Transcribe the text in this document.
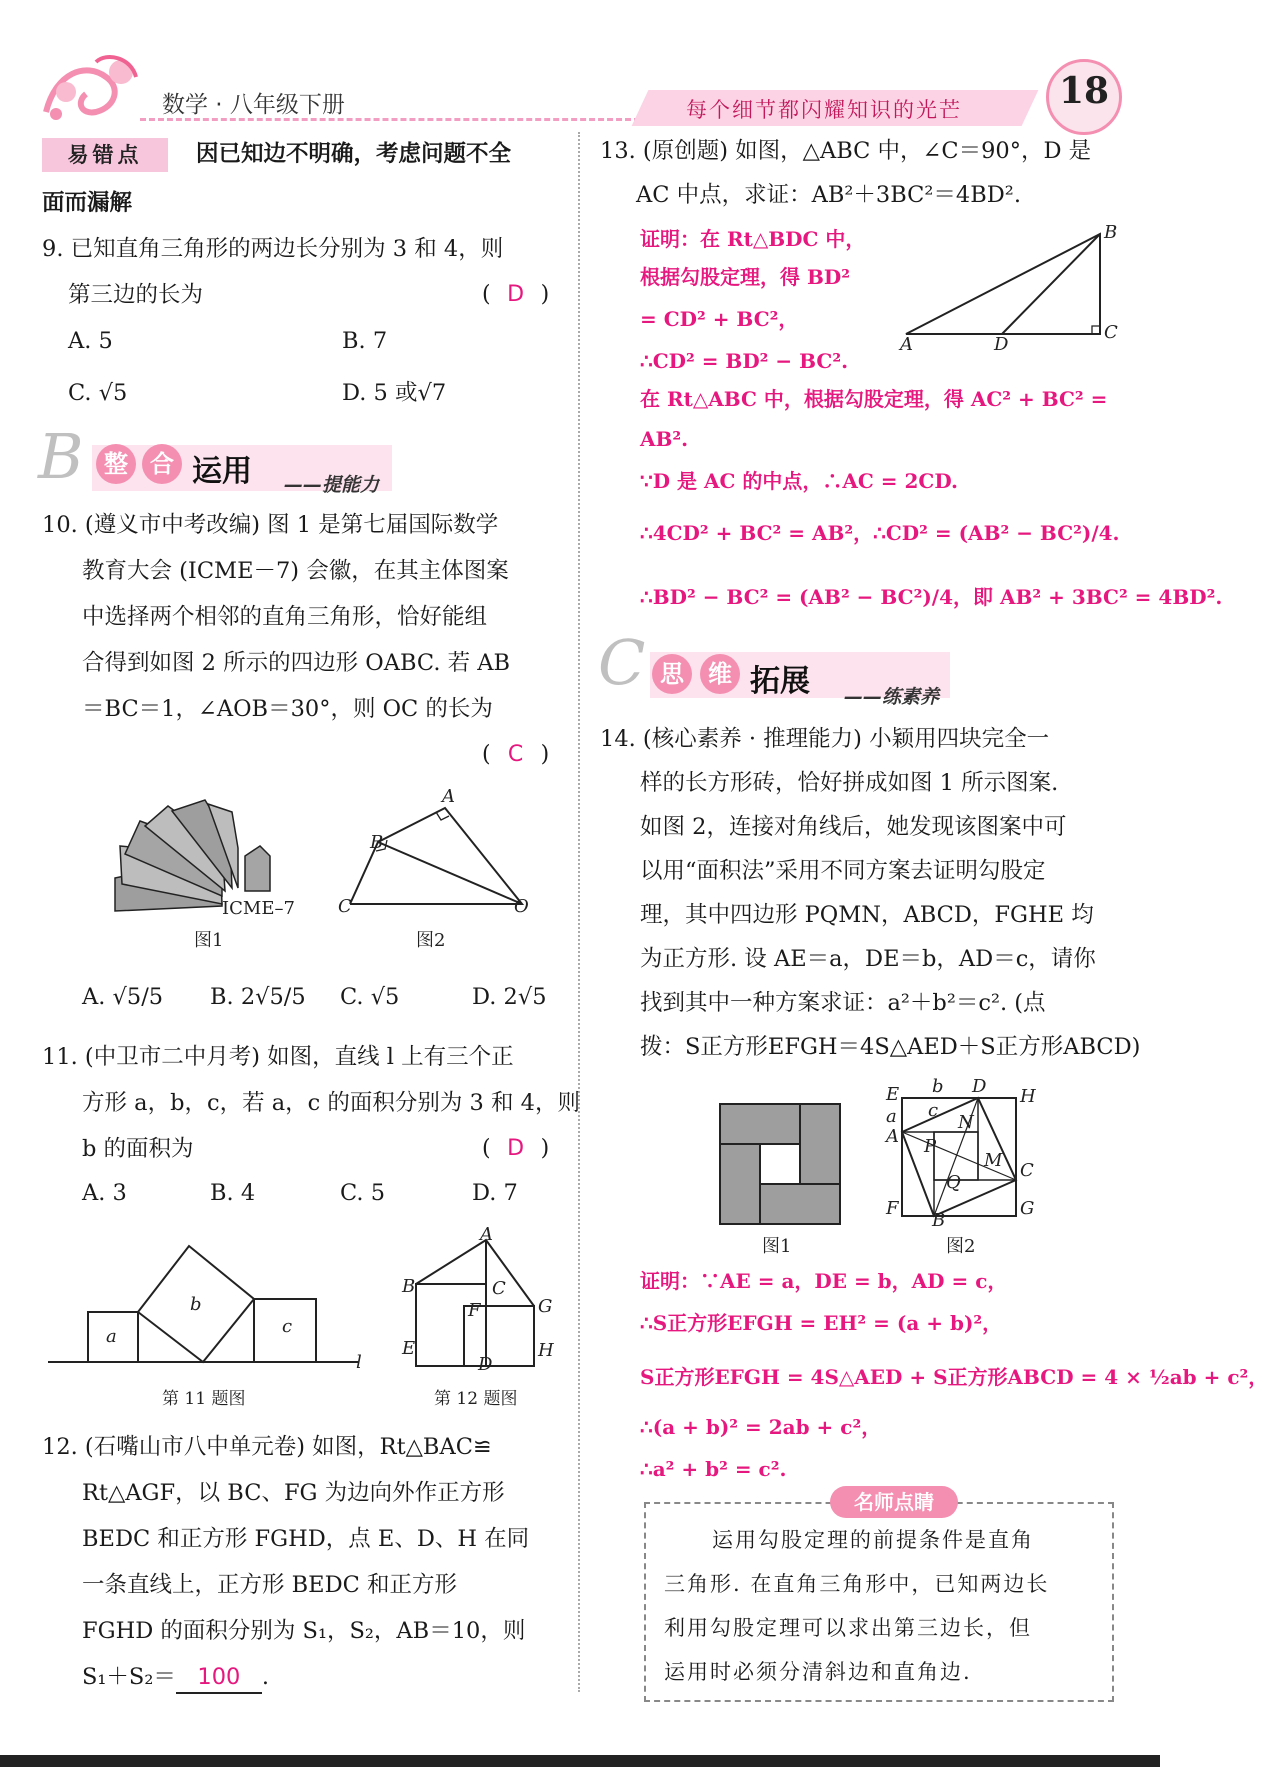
数学 · 八年级下册	每个细节都闪耀知识的光芒	18
易错点	因已知边不明确，考虑问题不全
面而漏解
9. 已知直角三角形的两边长分别为 3 和 4，则
第三边的长为	( D )
A. 5	B. 7
C. √5	D. 5 或√7
B 整 合 运用 ——提能力
10. (遵义市中考改编) 图 1 是第七届国际数学
教育大会 (ICME－7) 会徽，在其主体图案
中选择两个相邻的直角三角形，恰好能组
合得到如图 2 所示的四边形 OABC. 若 AB
＝BC＝1，∠AOB＝30°，则 OC 的长为
( C )
ICME–7
图1
A
B
C	O
图2
A. √5/5 B. 2√5/5 C. √5	D. 2√5
11. (中卫市二中月考) 如图，直线 l 上有三个正
方形 a，b，c，若 a，c 的面积分别为 3 和 4，则
b 的面积为	( D )
A. 3	B. 4	C. 5	D. 7
a
b
c
l
第 11 题图
A
B	C
F	G
E
D
H
第 12 题图
12. (石嘴山市八中单元卷) 如图，Rt△BAC≌
Rt△AGF，以 BC、FG 为边向外作正方形
BEDC 和正方形 FGHD，点 E、D、H 在同
一条直线上，正方形 BEDC 和正方形
FGHD 的面积分别为 S₁，S₂，AB＝10，则
S₁＋S₂＝ 100 .
13. (原创题) 如图，△ABC 中，∠C＝90°，D 是
AC 中点，求证：AB²＋3BC²＝4BD².
B
A	D
C
证明：在 Rt△BDC 中，
根据勾股定理，得 BD²
= CD² + BC²，
∴CD² = BD² − BC².
在 Rt△ABC 中，根据勾股定理，得 AC² + BC² =
AB².
∵D 是 AC 的中点，∴AC = 2CD.
∴4CD² + BC² = AB²，∴CD² = (AB² − BC²)/4.
∴BD² − BC² = (AB² − BC²)/4，即 AB² + 3BC² = 4BD².
C 思	维 拓展 ——练素养
14. (核心素养 · 推理能力) 小颖用四块完全一
样的长方形砖，恰好拼成如图 1 所示图案.
如图 2，连接对角线后，她发现该图案中可
以用“面积法”采用不同方案去证明勾股定
理，其中四边形 PQMN，ABCD，FGHE 均
为正方形. 设 AE＝a，DE＝b，AD＝c，请你
找到其中一种方案求证：a²＋b²＝c². (点
拨：S正方形EFGH＝4S△AED＋S正方形ABCD)
图1
E b D H
a c
N
A P
M C
Q
F
B
G
图2
证明：∵AE = a，DE = b，AD = c，
∴S正方形EFGH = EH² = (a + b)²，
S正方形EFGH = 4S△AED + S正方形ABCD = 4 × ½ab + c²，
∴(a + b)² = 2ab + c²，
∴a² + b² = c².
名师点睛
运用勾股定理的前提条件是直角
三角形. 在直角三角形中，已知两边长
利用勾股定理可以求出第三边长，但
运用时必须分清斜边和直角边.
